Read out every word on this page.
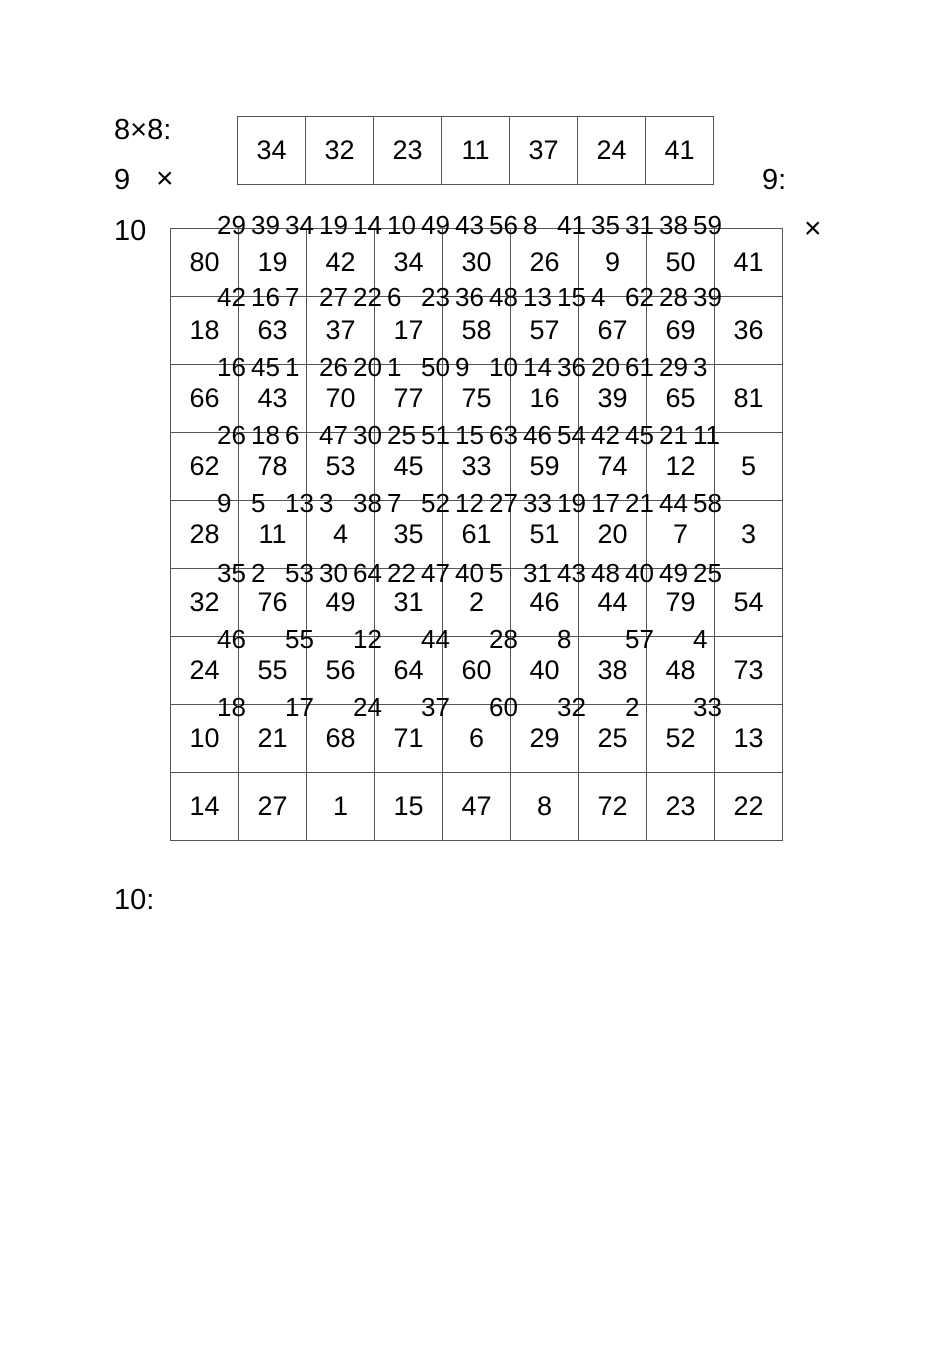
8×8:
9 ×	9:
10	×
10:
34	32	23	11	37	24	41
80	19	42	34	30	26	9	50	41
18	63	37	17	58	57	67	69	36
66	43	70	77	75	16	39	65	81
62	78	53	45	33	59	74	12	5
28	11	4	35	61	51	20	7	3
32	76	49	31	2	46	44	79	54
24	55	56	64	60	40	38	48	73
10	21	68	71	6	29	25	52	13
14	27	1	15	47	8	72	23	22
29 39 34 19 14 10 49 43 56 8 41 35 31 38 59
42 16 7 27 22 6 23 36 48 13 15 4 62 28 39
16 45 1 26 20 1 50 9 10 14 36 20 61 29 3
26 18 6 47 30 25 51 15 63 46 54 42 45 21 11
9 5 13 3 38 7 52 12 27 33 19 17 21 44 58
35 2 53 30 64 22 47 40 5 31 43 48 40 49 25
46 55 12 44 28 8 57 4
18 17 24 37 60 32 2 33
